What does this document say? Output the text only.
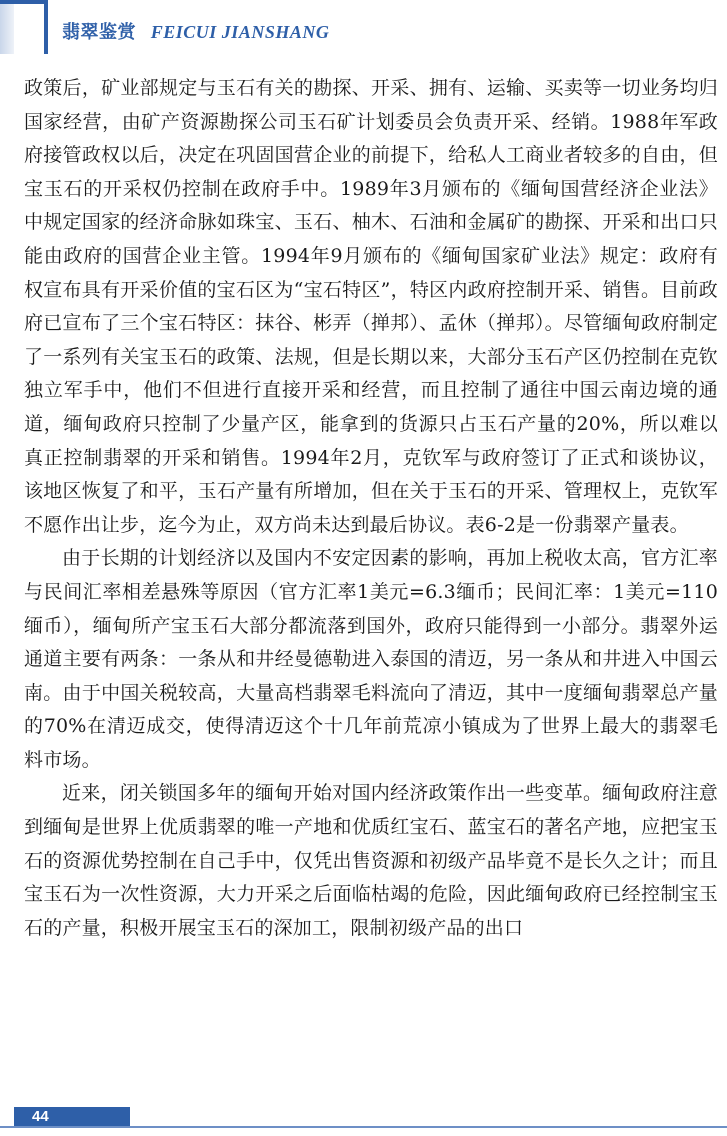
翡翠鉴赏 FEICUI JIANSHANG

政策后，矿业部规定与玉石有关的勘探、开采、拥有、运输、买卖等一切业务均归国家经营，由矿产资源勘探公司玉石矿计划委员会负责开采、经销。1988年军政府接管政权以后，决定在巩固国营企业的前提下，给私人工商业者较多的自由，但宝玉石的开采权仍控制在政府手中。1989年3月颁布的《缅甸国营经济企业法》中规定国家的经济命脉如珠宝、玉石、柚木、石油和金属矿的勘探、开采和出口只能由政府的国营企业主管。1994年9月颁布的《缅甸国家矿业法》规定：政府有权宣布具有开采价值的宝石区为“宝石特区”，特区内政府控制开采、销售。目前政府已宣布了三个宝石特区：抹谷、彬弄（掸邦）、孟休（掸邦）。尽管缅甸政府制定了一系列有关宝玉石的政策、法规，但是长期以来，大部分玉石产区仍控制在克钦独立军手中，他们不但进行直接开采和经营，而且控制了通往中国云南边境的通道，缅甸政府只控制了少量产区，能拿到的货源只占玉石产量的20%，所以难以真正控制翡翠的开采和销售。1994年2月，克钦军与政府签订了正式和谈协议，该地区恢复了和平，玉石产量有所增加，但在关于玉石的开采、管理权上，克钦军不愿作出让步，迄今为止，双方尚未达到最后协议。表6-2是一份翡翠产量表。

由于长期的计划经济以及国内不安定因素的影响，再加上税收太高，官方汇率与民间汇率相差悬殊等原因（官方汇率1美元=6.3缅币；民间汇率：1美元=110缅币），缅甸所产宝玉石大部分都流落到国外，政府只能得到一小部分。翡翠外运通道主要有两条：一条从和井经曼德勒进入泰国的清迈，另一条从和井进入中国云南。由于中国关税较高，大量高档翡翠毛料流向了清迈，其中一度缅甸翡翠总产量的70%在清迈成交，使得清迈这个十几年前荒凉小镇成为了世界上最大的翡翠毛料市场。

近来，闭关锁国多年的缅甸开始对国内经济政策作出一些变革。缅甸政府注意到缅甸是世界上优质翡翠的唯一产地和优质红宝石、蓝宝石的著名产地，应把宝玉石的资源优势控制在自己手中，仅凭出售资源和初级产品毕竟不是长久之计；而且宝玉石为一次性资源，大力开采之后面临枯竭的危险，因此缅甸政府已经控制宝玉石的产量，积极开展宝玉石的深加工，限制初级产品的出口

44
